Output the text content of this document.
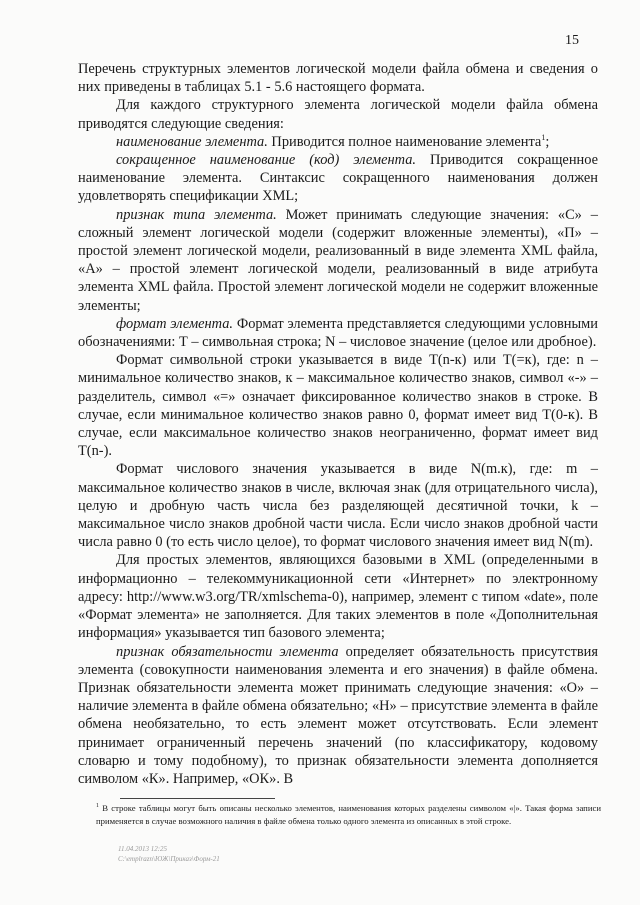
15

Перечень структурных элементов логической модели файла обмена и сведения о них приведены в таблицах 5.1 - 5.6 настоящего формата.

Для каждого структурного элемента логической модели файла обмена приводятся следующие сведения:

наименование элемента. Приводится полное наименование элемента$^1$;

сокращенное наименование (код) элемента. Приводится сокращенное наименование элемента. Синтаксис сокращенного наименования должен удовлетворять спецификации XML;

признак типа элемента. Может принимать следующие значения: «С» – сложный элемент логической модели (содержит вложенные элементы), «П» – простой элемент логической модели, реализованный в виде элемента XML файла, «А» – простой элемент логической модели, реализованный в виде атрибута элемента XML файла. Простой элемент логической модели не содержит вложенные элементы;

формат элемента. Формат элемента представляется следующими условными обозначениями: Т – символьная строка; N – числовое значение (целое или дробное).

Формат символьной строки указывается в виде Т(n-к) или Т(=к), где: n – минимальное количество знаков, к – максимальное количество знаков, символ «-» – разделитель, символ «=» означает фиксированное количество знаков в строке. В случае, если минимальное количество знаков равно 0, формат имеет вид Т(0-к). В случае, если максимальное количество знаков неограниченно, формат имеет вид Т(n-).

Формат числового значения указывается в виде N(m.к), где: m – максимальное количество знаков в числе, включая знак (для отрицательного числа), целую и дробную часть числа без разделяющей десятичной точки, k – максимальное число знаков дробной части числа. Если число знаков дробной части числа равно 0 (то есть число целое), то формат числового значения имеет вид N(m).

Для простых элементов, являющихся базовыми в XML (определенными в информационно – телекоммуникационной сети «Интернет» по электронному адресу: http://www.w3.org/TR/xmlschema-0), например, элемент с типом «date», поле «Формат элемента» не заполняется. Для таких элементов в поле «Дополнительная информация» указывается тип базового элемента;

признак обязательности элемента определяет обязательность присутствия элемента (совокупности наименования элемента и его значения) в файле обмена. Признак обязательности элемента может принимать следующие значения: «О» – наличие элемента в файле обмена обязательно; «Н» – присутствие элемента в файле обмена необязательно, то есть элемент может отсутствовать. Если элемент принимает ограниченный перечень значений (по классификатору, кодовому словарю и тому подобному), то признак обязательности элемента дополняется символом «К». Например, «ОК». В

$^1$ В строке таблицы могут быть описаны несколько элементов, наименования которых разделены символом «|». Такая форма записи применяется в случае возможного наличия в файле обмена только одного элемента из описанных в этой строке.
11.04.2013 12:25
С:\emplrazn\ЮЖ\Приказ\Форм-21
